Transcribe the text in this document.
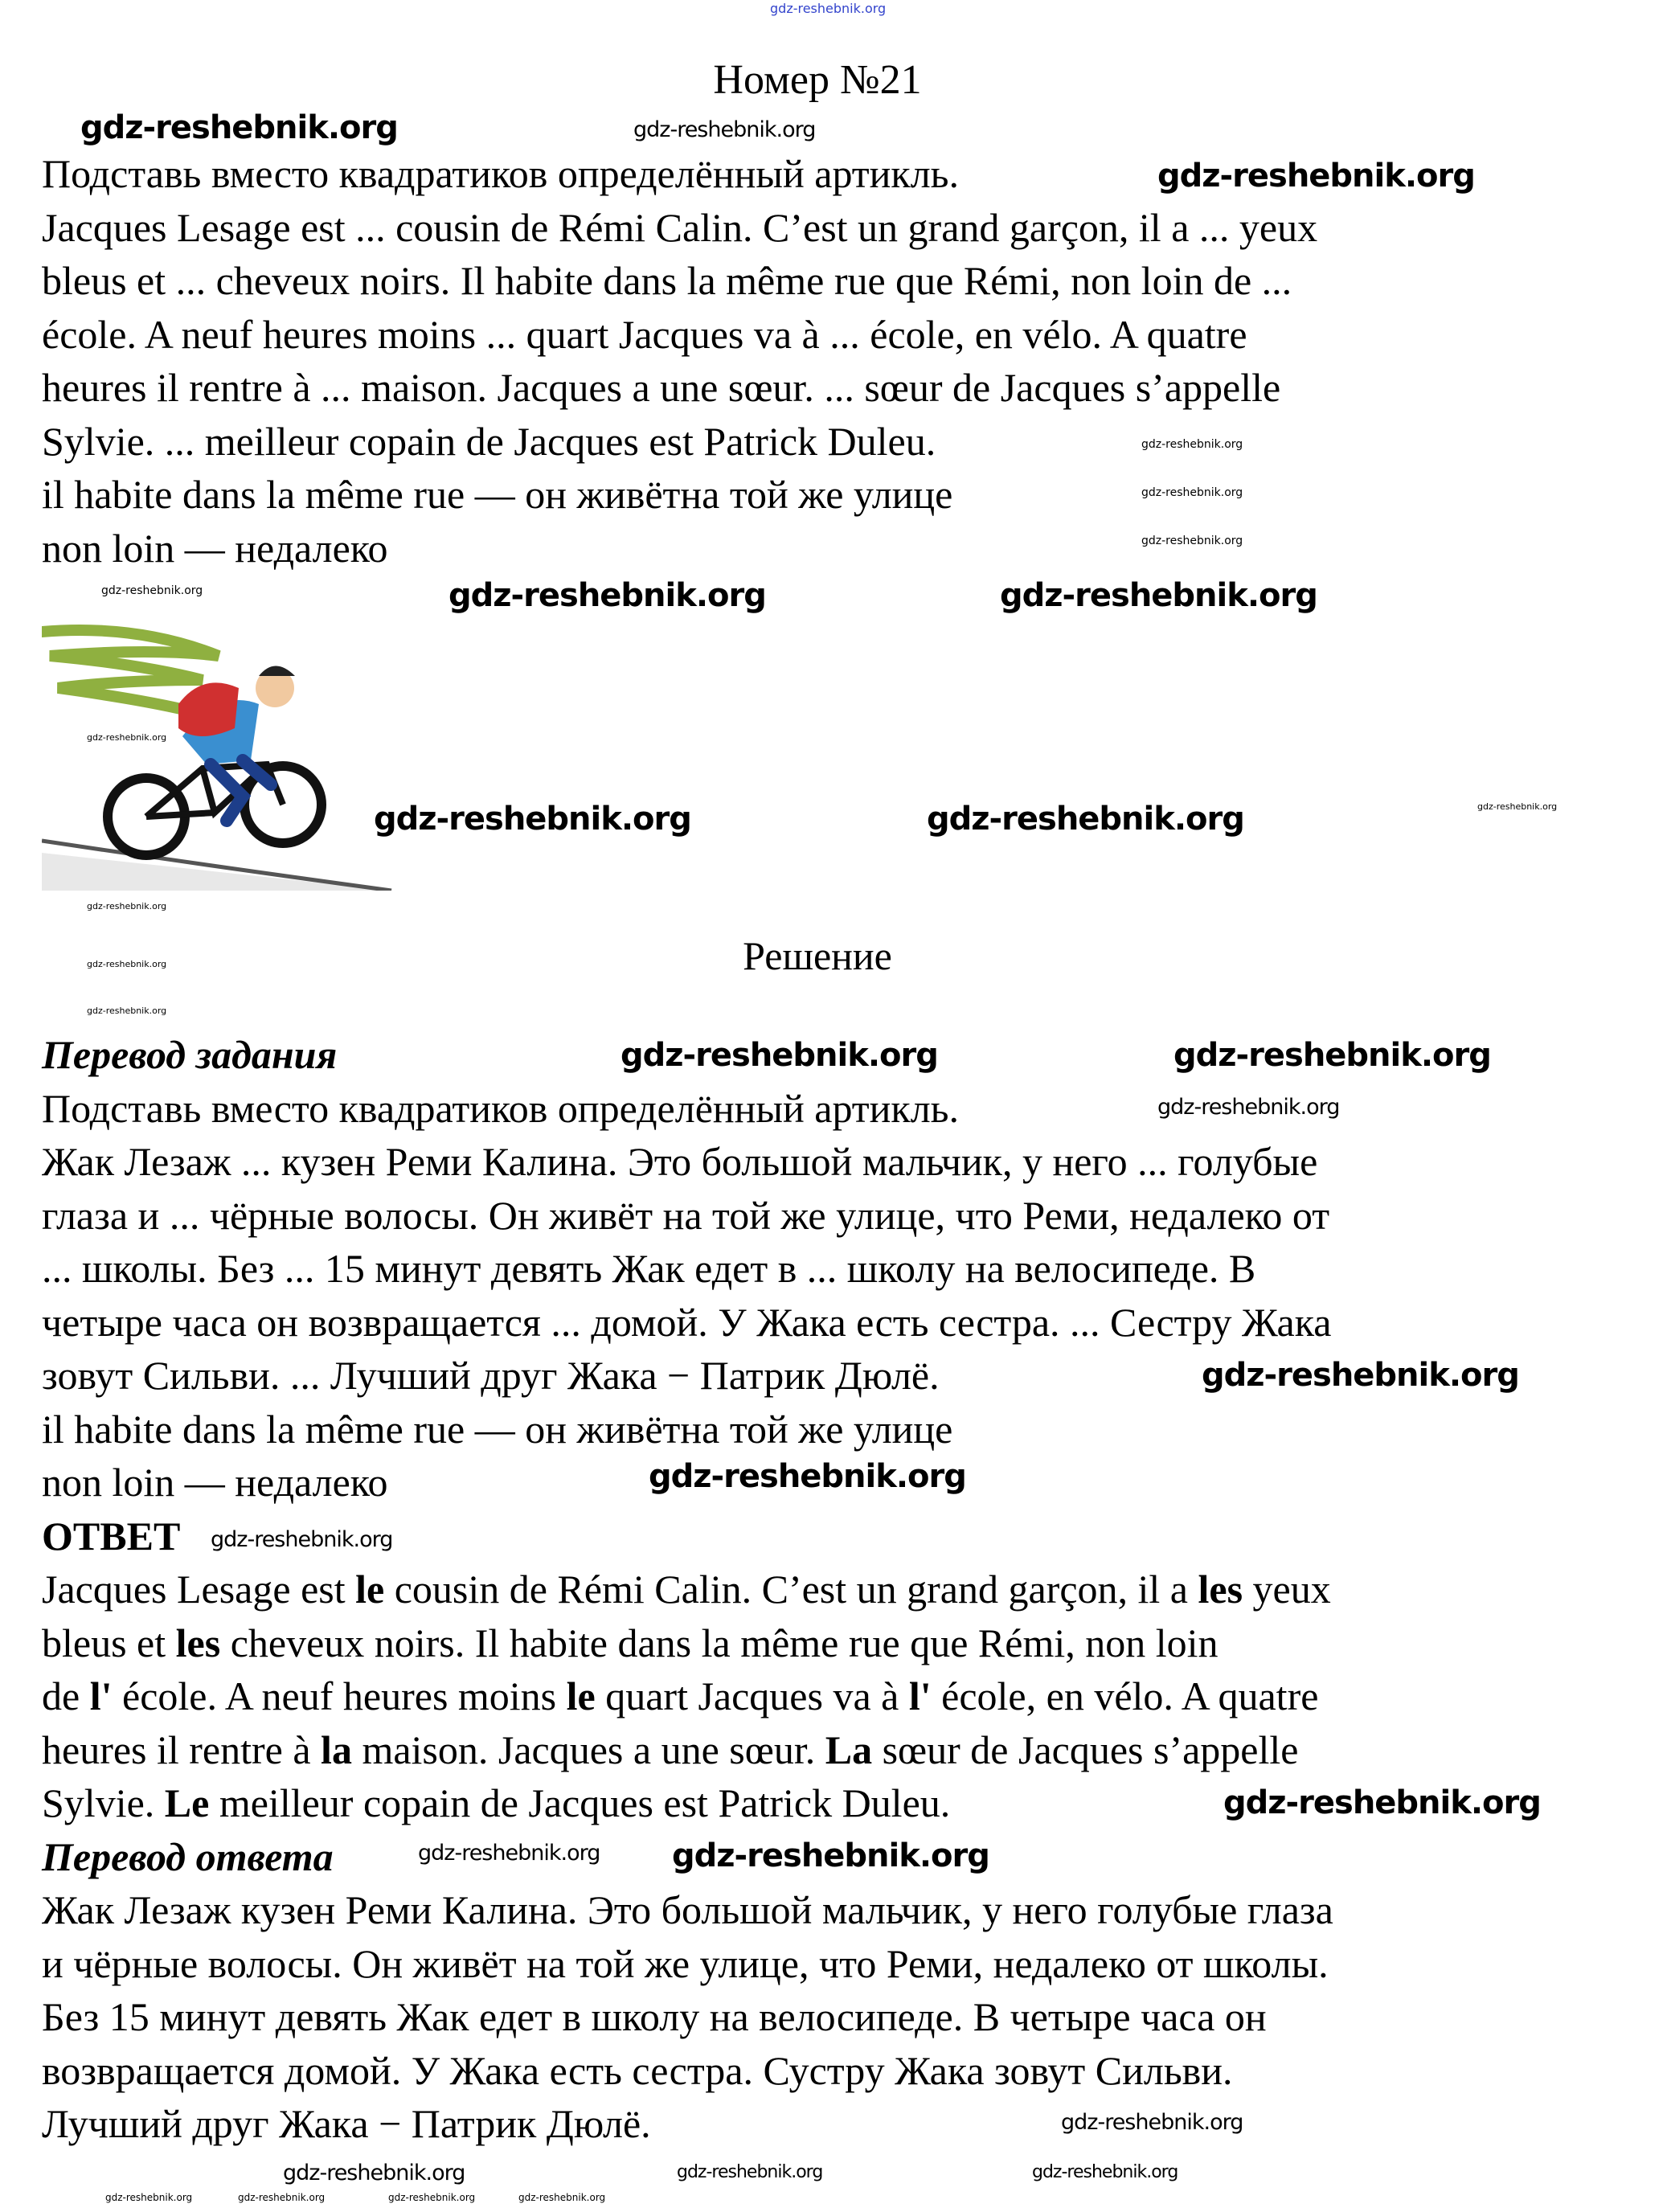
gdz-reshebnik.org
Номер №21
Подставь вместо квадратиков определённый артикль.
Jacques Lesage est ... cousin de Rémi Calin. C’est un grand garçon, il a ... yeux
bleus et ... cheveux noirs. Il habite dans la même rue que Rémi, non loin de ...
école. A neuf heures moins ... quart Jacques va à ... école, en vélo. A quatre
heures il rentre à ... maison. Jacques a une sœur. ... sœur de Jacques s’appelle
Sylvie. ... meilleur copain de Jacques est Patrick Duleu.
il habite dans la même rue — он живётна той же улице
non loin — недалеко
Решение
Перевод задания
Подставь вместо квадратиков определённый артикль.
Жак Лезаж ... кузен Реми Калина. Это большой мальчик, у него ... голубые
глаза и ... чёрные волосы. Он живёт на той же улице, что Реми, недалеко от
... школы. Без ... 15 минут девять Жак едет в ... школу на велосипеде. В
четыре часа он возвращается ... домой. У Жака есть сестра. ... Сестру Жака
зовут Сильви. ... Лучший друг Жака − Патрик Дюлё.
il habite dans la même rue — он живётна той же улице
non loin — недалеко
ОТВЕТ
Jacques Lesage est le cousin de Rémi Calin. C’est un grand garçon, il a les yeux
bleus et les cheveux noirs. Il habite dans la même rue que Rémi, non loin
de l' école. A neuf heures moins le quart Jacques va à l' école, en vélo. A quatre
heures il rentre à la maison. Jacques a une sœur. La sœur de Jacques s’appelle
Sylvie. Le meilleur copain de Jacques est Patrick Duleu.
Перевод ответа
Жак Лезаж кузен Реми Калина. Это большой мальчик, у него голубые глаза
и чёрные волосы. Он живёт на той же улице, что Реми, недалеко от школы.
Без 15 минут девять Жак едет в школу на велосипеде. В четыре часа он
возвращается домой. У Жака есть сестра. Сустру Жака зовут Сильви.
Лучший друг Жака − Патрик Дюлё.
gdz-reshebnik.org	gdz-reshebnik.org
gdz-reshebnik.org
gdz-reshebnik.org
gdz-reshebnik.org
gdz-reshebnik.org
gdz-reshebnik.org	gdz-reshebnik.org
gdz-reshebnik.org
gdz-reshebnik.org
gdz-reshebnik.org	gdz-reshebnik.org	gdz-reshebnik.org
gdz-reshebnik.org
gdz-reshebnik.org
gdz-reshebnik.org
gdz-reshebnik.org	gdz-reshebnik.org
gdz-reshebnik.org
gdz-reshebnik.org
gdz-reshebnik.org
gdz-reshebnik.org
gdz-reshebnik.org
gdz-reshebnik.org gdz-reshebnik.org
gdz-reshebnik.org
gdz-reshebnik.org
gdz-reshebnik.org	gdz-reshebnik.org
gdz-reshebnik.org	gdz-reshebnik.org	gdz-reshebnik.org	gdz-reshebnik.org
